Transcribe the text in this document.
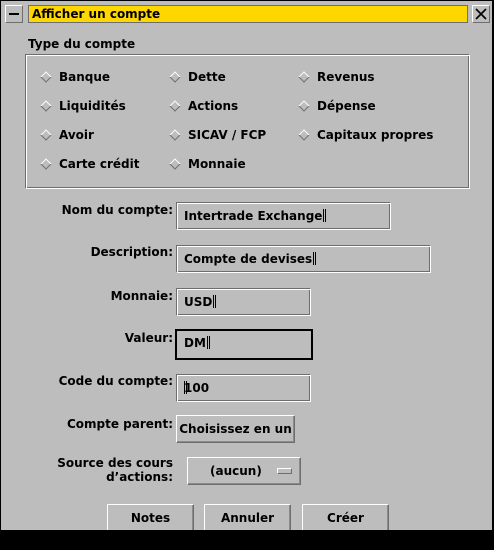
Afficher un compte
Type du compte
Banque	Dette	Revenus
Liquidités	Actions	Dépense
Avoir	SICAV / FCP	Capitaux propres
Carte crédit	Monnaie
Nom du compte: Intertrade Exchange
Description: Compte de devises
Monnaie: USD
Valeur: DM
Code du compte: 100
Compte parent: Choisissez en un
Source des cours d’actions:	(aucun)
Notes	Annuler	Créer
